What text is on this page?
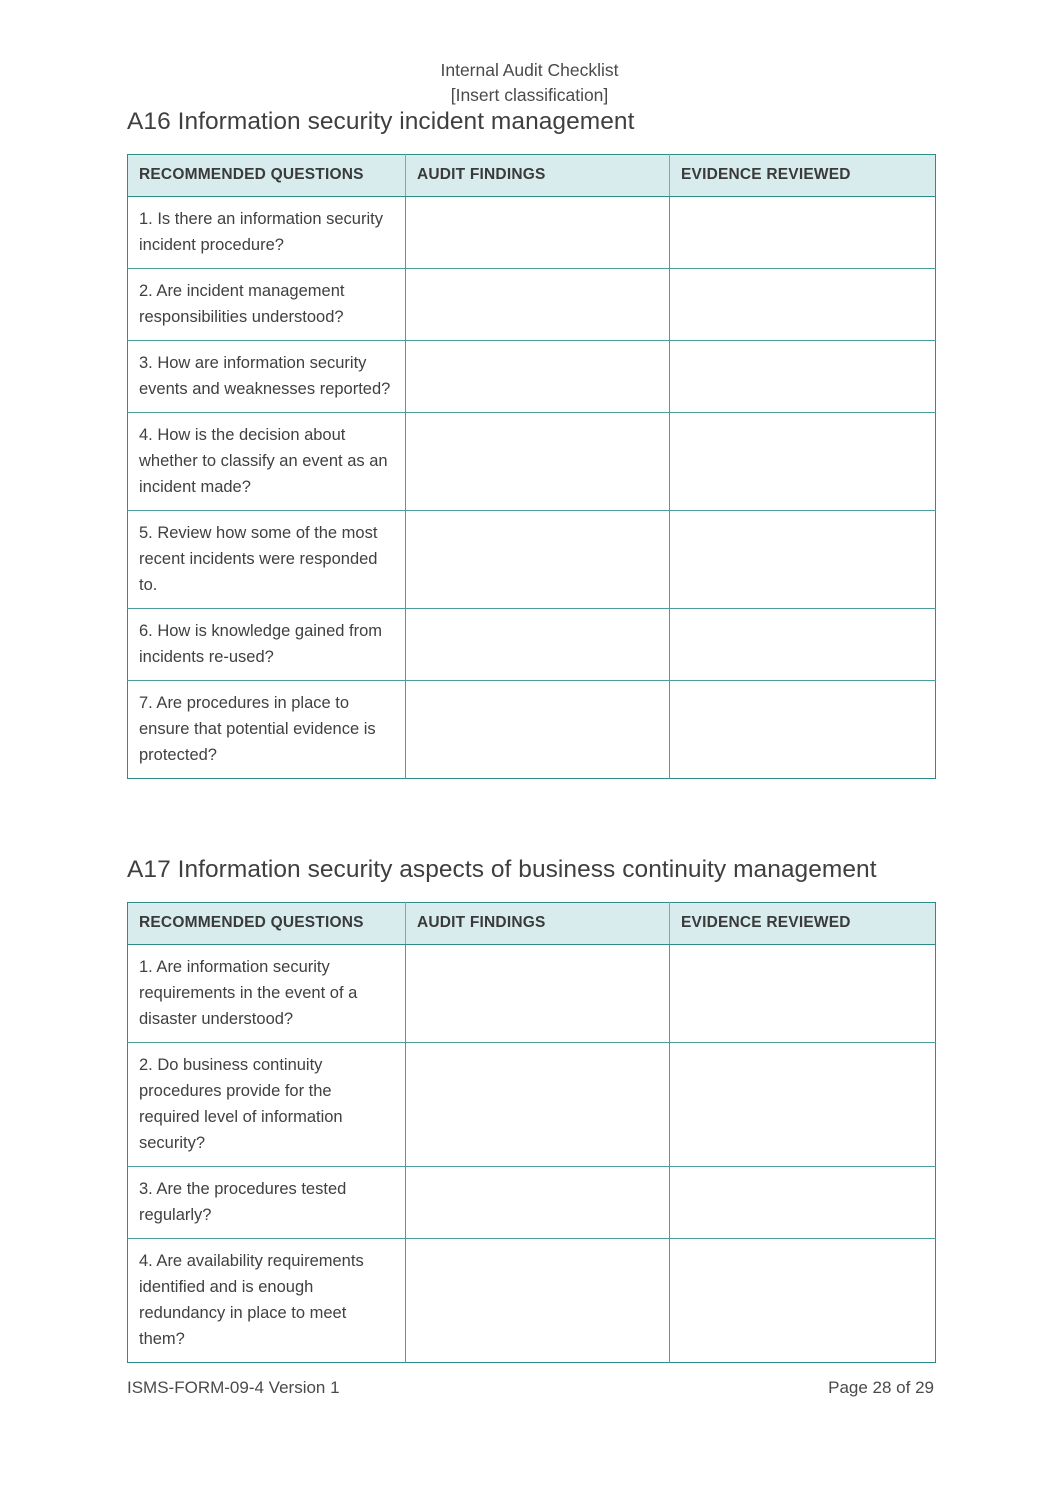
Internal Audit Checklist
[Insert classification]
A16 Information security incident management
RECOMMENDED QUESTIONS	AUDIT FINDINGS	EVIDENCE REVIEWED
1. Is there an information security incident procedure?		
2. Are incident management responsibilities understood?		
3. How are information security events and weaknesses reported?		
4. How is the decision about whether to classify an event as an incident made?		
5. Review how some of the most recent incidents were responded to.		
6. How is knowledge gained from incidents re-used?		
7. Are procedures in place to ensure that potential evidence is protected?		
A17 Information security aspects of business continuity management
RECOMMENDED QUESTIONS	AUDIT FINDINGS	EVIDENCE REVIEWED
1. Are information security requirements in the event of a disaster understood?		
2. Do business continuity procedures provide for the required level of information security?		
3. Are the procedures tested regularly?		
4. Are availability requirements identified and is enough redundancy in place to meet them?		
ISMS-FORM-09-4 Version 1	Page 28 of 29
